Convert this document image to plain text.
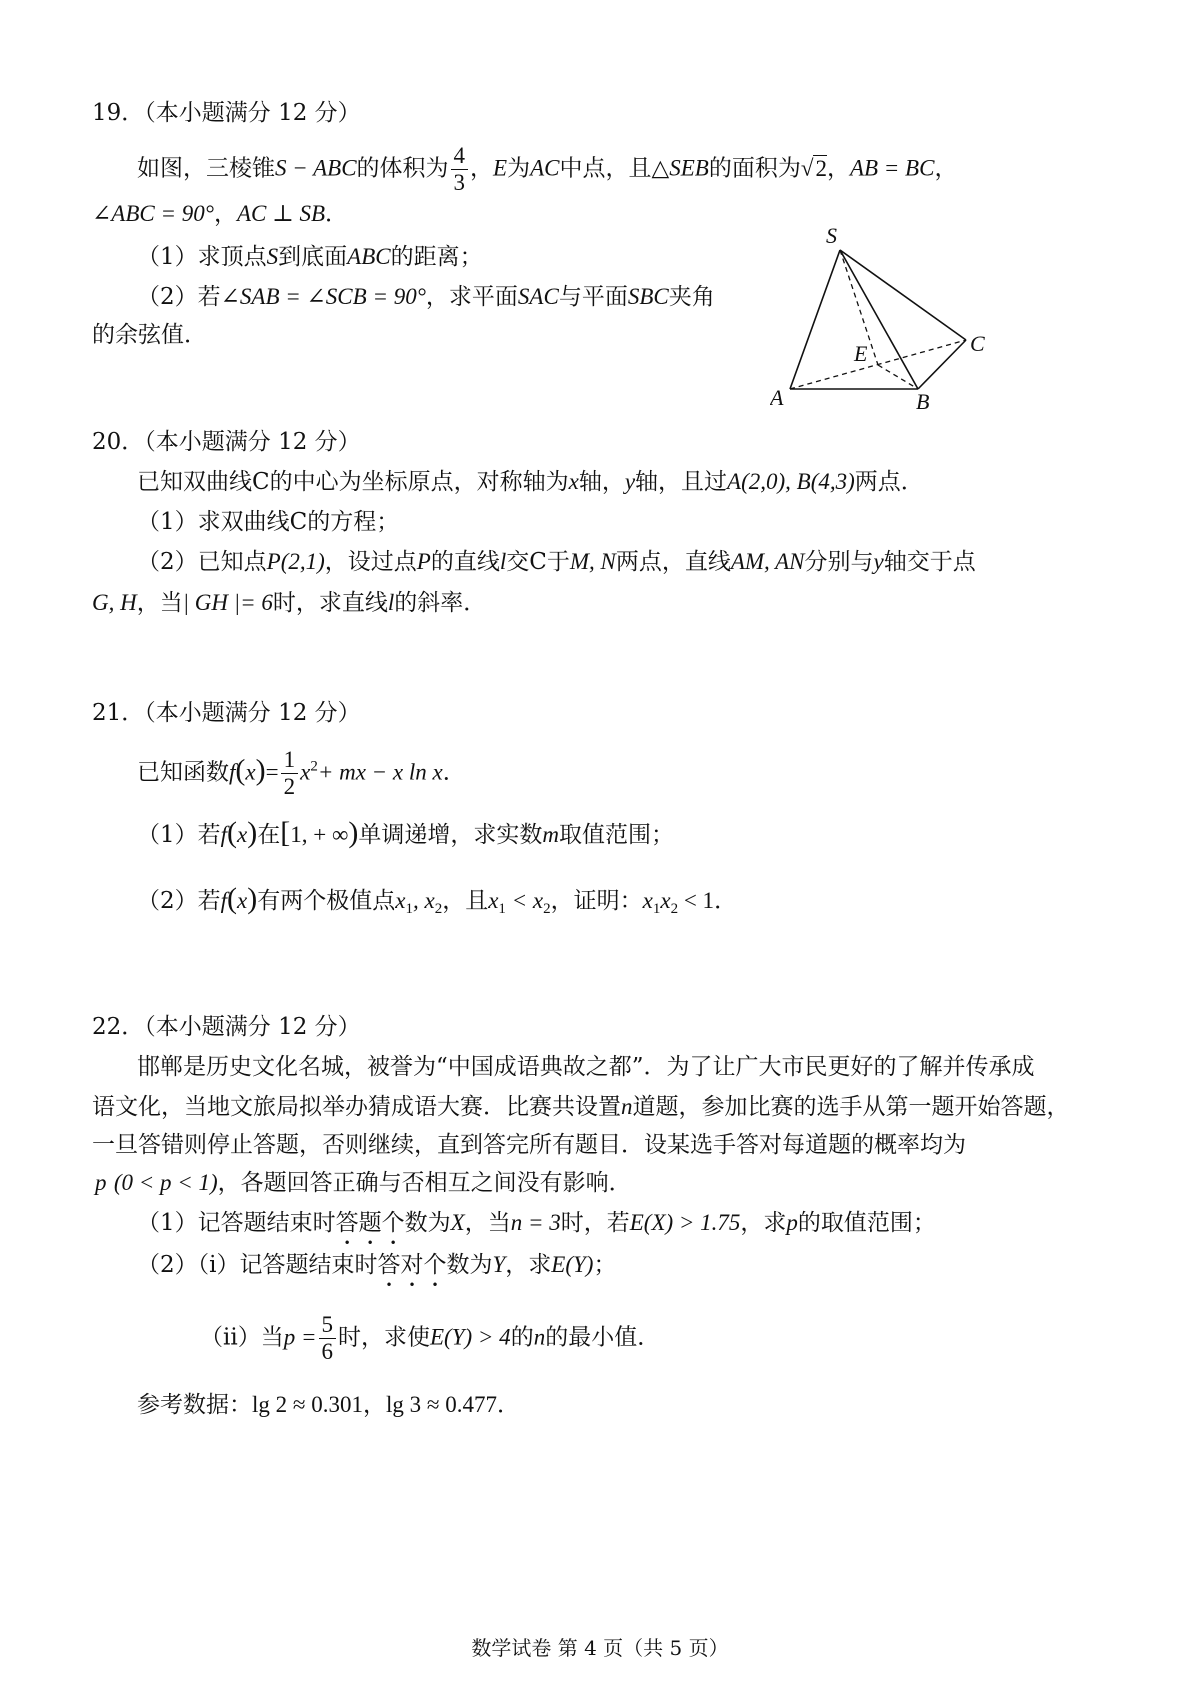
19．（本小题满分 12 分）
如图，三棱锥S − ABC的体积为 $\frac{4}{3}$ ，E为AC中点，且△SEB的面积为√2，AB = BC，
∠ABC = 90°，AC ⊥ SB．
（1）求顶点S到底面ABC的距离；
（2）若∠SAB = ∠SCB = 90°，求平面SAC与平面SBC夹角
的余弦值．
S
A	B
C
E
20．（本小题满分 12 分）
已知双曲线C的中心为坐标原点，对称轴为x轴，y轴，且过A(2,0), B(4,3)两点．
（1）求双曲线C的方程；
（2）已知点P(2,1)，设过点P的直线l交C于M, N两点，直线AM, AN分别与y轴交于点
G, H，当| GH |= 6时，求直线l的斜率．
21．（本小题满分 12 分）
已知函数$f(x)= \frac{1}{2} x^2+$ mx − x ln x．
（1）若f(x)在[1, + ∞)单调递增，求实数m取值范围；
（2）若f(x)有两个极值点$x_1$, $x_2$，且$x_1 < x_2$，证明：$x_1x_2 < 1$．
22．（本小题满分 12 分）
邯郸是历史文化名城，被誉为“中国成语典故之都”．为了让广大市民更好的了解并传承成
语文化，当地文旅局拟举办猜成语大赛．比赛共设置n道题，参加比赛的选手从第一题开始答题，
一旦答错则停止答题，否则继续，直到答完所有题目．设某选手答对每道题的概率均为
p (0 < p < 1)，各题回答正确与否相互之间没有影响．
（1）记答题结束时答题个数为X，当n = 3时，若E(X) > 1.75，求p的取值范围；
（2）（i）记答题结束时答对个数为Y，求E(Y)；
（ii）当$p = \frac{5}{6}$ 时，求使E(Y) > 4的n的最小值．
参考数据：lg 2 ≈ 0.301，lg 3 ≈ 0.477．
数学试卷 第 4 页（共 5 页）
